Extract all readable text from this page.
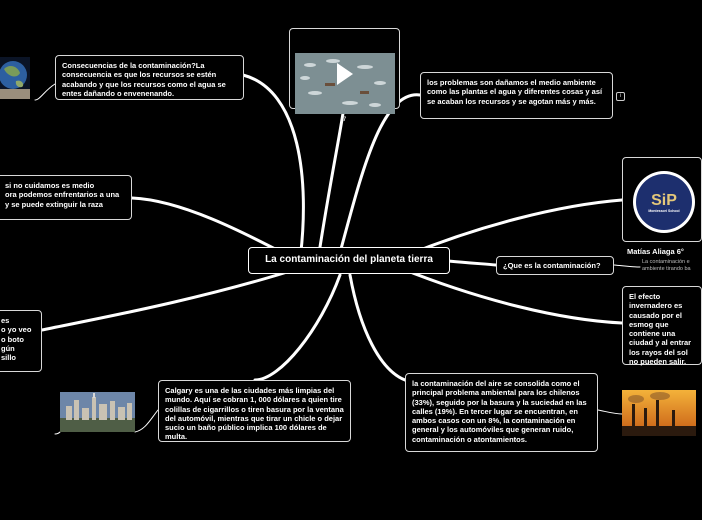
Consecuencias de la contaminación?La consecuencia es que los recursos se estén acabando y que los recursos como el agua se entes dañando o envenenando.

7

los problemas son dañamos el medio ambiente como las plantas el agua y diferentes cosas y así se acaban los recursos y se agotan más y más.
i

SiP
Montessori School

Matías Aliaga 6°

si no cuidamos es medio
ora podemos enfrentarios a una
y se puede extinguir la raza
La contaminación del planeta tierra
¿Que es la contaminación?	La contaminación e
ambiente tirando ba
El efecto invernadero es causado por el esmog que contiene una ciudad y al entrar los rayos del sol no pueden salir.
es
o yo veo
o boto
gún
sillo
Calgary es una de las ciudades más limpias del mundo. Aquí se cobran 1, 000 dólares a quien tire colillas de cigarrillos o tiren basura por la ventana del automóvil, mientras que tirar un chicle o dejar sucio un baño público implica 100 dólares de multa.
la contaminación del aire se consolida como el principal problema ambiental para los chilenos (33%), seguido por la basura y la suciedad en las calles (19%). En tercer lugar se encuentran, en ambos casos con un 8%, la contaminación en general y los automóviles que generan ruido, contaminación o atontamientos.
